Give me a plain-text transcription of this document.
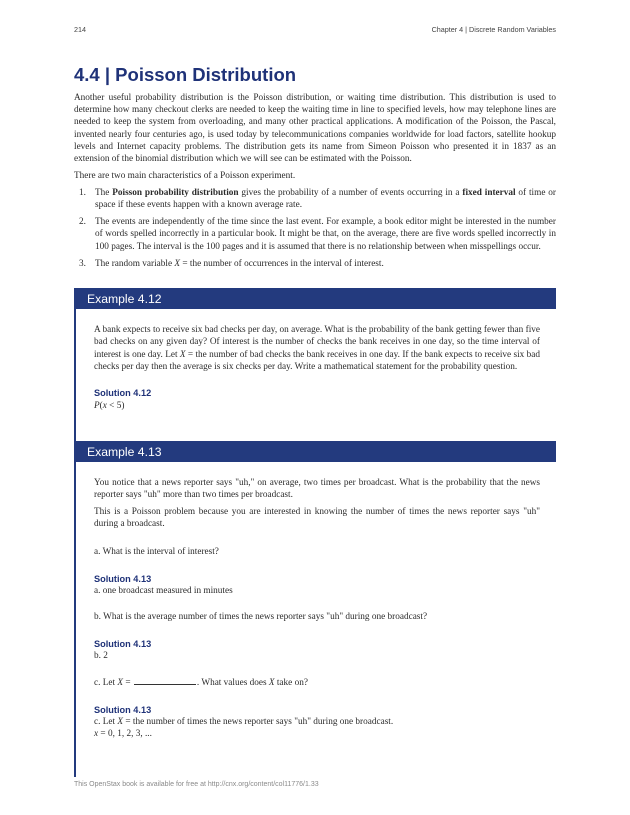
214	Chapter 4 | Discrete Random Variables
4.4 | Poisson Distribution

Another useful probability distribution is the Poisson distribution, or waiting time distribution. This distribution is used to determine how many checkout clerks are needed to keep the waiting time in line to specified levels, how may telephone lines are needed to keep the system from overloading, and many other practical applications. A modification of the Poisson, the Pascal, invented nearly four centuries ago, is used today by telecommunications companies worldwide for load factors, satellite hookup levels and Internet capacity problems. The distribution gets its name from Simeon Poisson who presented it in 1837 as an extension of the binomial distribution which we will see can be estimated with the Poisson.

There are two main characteristics of a Poisson experiment.

1. The Poisson probability distribution gives the probability of a number of events occurring in a fixed interval of time or space if these events happen with a known average rate.
2. The events are independently of the time since the last event. For example, a book editor might be interested in the number of words spelled incorrectly in a particular book. It might be that, on the average, there are five words spelled incorrectly in 100 pages. The interval is the 100 pages and it is assumed that there is no relationship between when misspellings occur.
3. The random variable X = the number of occurrences in the interval of interest.
Example 4.12

A bank expects to receive six bad checks per day, on average. What is the probability of the bank getting fewer than five bad checks on any given day? Of interest is the number of checks the bank receives in one day, so the time interval of interest is one day. Let X = the number of bad checks the bank receives in one day. If the bank expects to receive six bad checks per day then the average is six checks per day. Write a mathematical statement for the probability question.

Solution 4.12
P(x < 5)
Example 4.13

You notice that a news reporter says "uh," on average, two times per broadcast. What is the probability that the news reporter says "uh" more than two times per broadcast.

This is a Poisson problem because you are interested in knowing the number of times the news reporter says "uh" during a broadcast.

a. What is the interval of interest?

Solution 4.13
a. one broadcast measured in minutes

b. What is the average number of times the news reporter says "uh" during one broadcast?

Solution 4.13
b. 2

c. Let X =	. What values does X take on?

Solution 4.13
c. Let X = the number of times the news reporter says "uh" during one broadcast.
x = 0, 1, 2, 3, ...
This OpenStax book is available for free at http://cnx.org/content/col11776/1.33
